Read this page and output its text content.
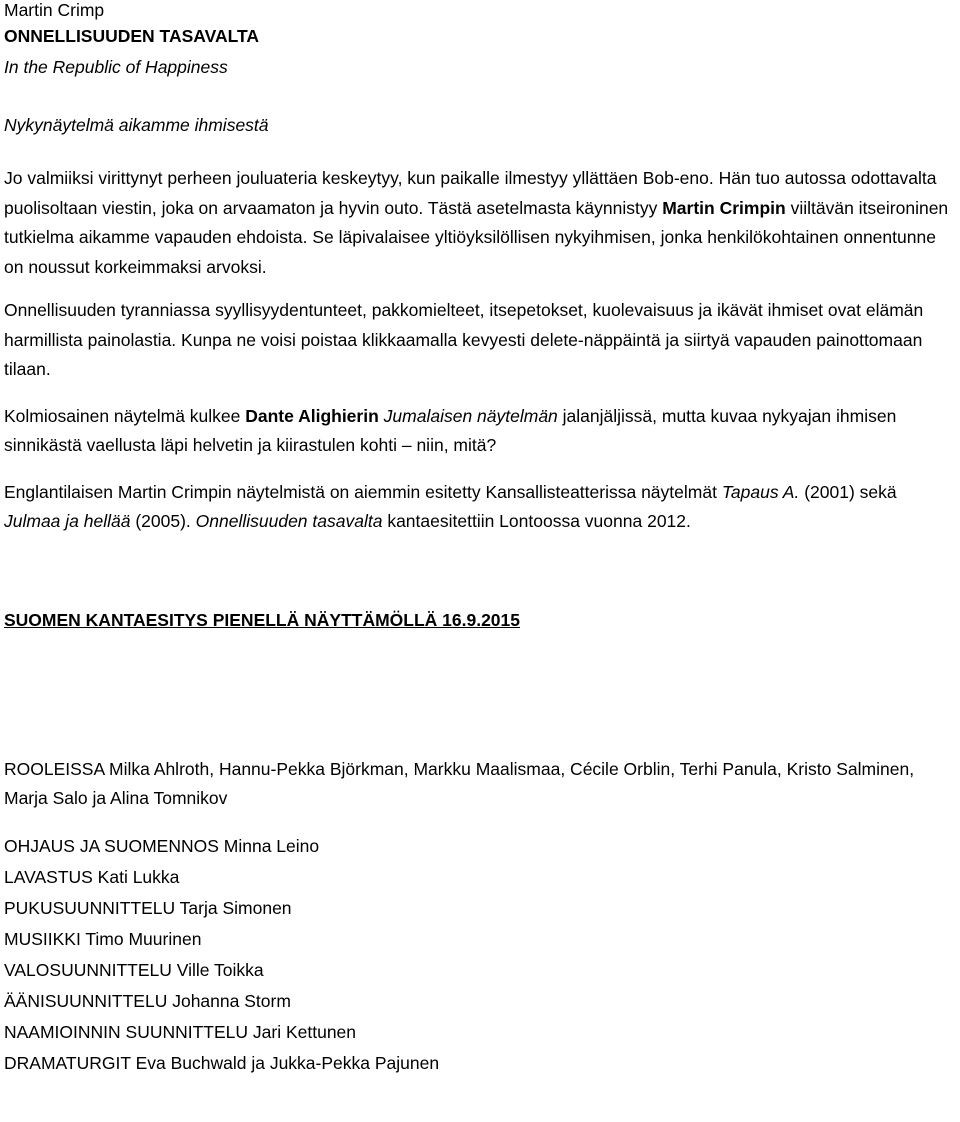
Martin Crimp

ONNELLISUUDEN TASAVALTA

In the Republic of Happiness

Nykynäytelmä aikamme ihmisestä

Jo valmiiksi virittynyt perheen jouluateria keskeytyy, kun paikalle ilmestyy yllättäen Bob-eno. Hän tuo autossa odottavalta puolisoltaan viestin, joka on arvaamaton ja hyvin outo. Tästä asetelmasta käynnistyy Martin Crimpin viiltävän itseironinen tutkielma aikamme vapauden ehdoista. Se läpivalaisee yltiöyksilöllisen nykyihmisen, jonka henkilökohtainen onnentunne on noussut korkeimmaksi arvoksi.

Onnellisuuden tyranniassa syyllisyydentunteet, pakkomielteet, itsepetokset, kuolevaisuus ja ikävät ihmiset ovat elämän harmillista painolastia. Kunpa ne voisi poistaa klikkaamalla kevyesti delete-näppäintä ja siirtyä vapauden painottomaan tilaan.

Kolmiosainen näytelmä kulkee Dante Alighierin Jumalaisen näytelmän jalanjäljissä, mutta kuvaa nykyajan ihmisen sinnikästä vaellusta läpi helvetin ja kiirastulen kohti – niin, mitä?

Englantilaisen Martin Crimpin näytelmistä on aiemmin esitetty Kansallisteatterissa näytelmät Tapaus A. (2001) sekä Julmaa ja hellää (2005). Onnellisuuden tasavalta kantaesitettiin Lontoossa vuonna 2012.

SUOMEN KANTAESITYS PIENELLÄ NÄYTTÄMÖLLÄ 16.9.2015

ROOLEISSA Milka Ahlroth, Hannu-Pekka Björkman, Markku Maalismaa, Cécile Orblin, Terhi Panula, Kristo Salminen, Marja Salo ja Alina Tomnikov

OHJAUS JA SUOMENNOS Minna Leino

LAVASTUS Kati Lukka

PUKUSUUNNITTELU Tarja Simonen

MUSIIKKI Timo Muurinen

VALOSUUNNITTELU Ville Toikka

ÄÄNISUUNNITTELU Johanna Storm

NAAMIOINNIN SUUNNITTELU Jari Kettunen

DRAMATURGIT Eva Buchwald ja Jukka-Pekka Pajunen
